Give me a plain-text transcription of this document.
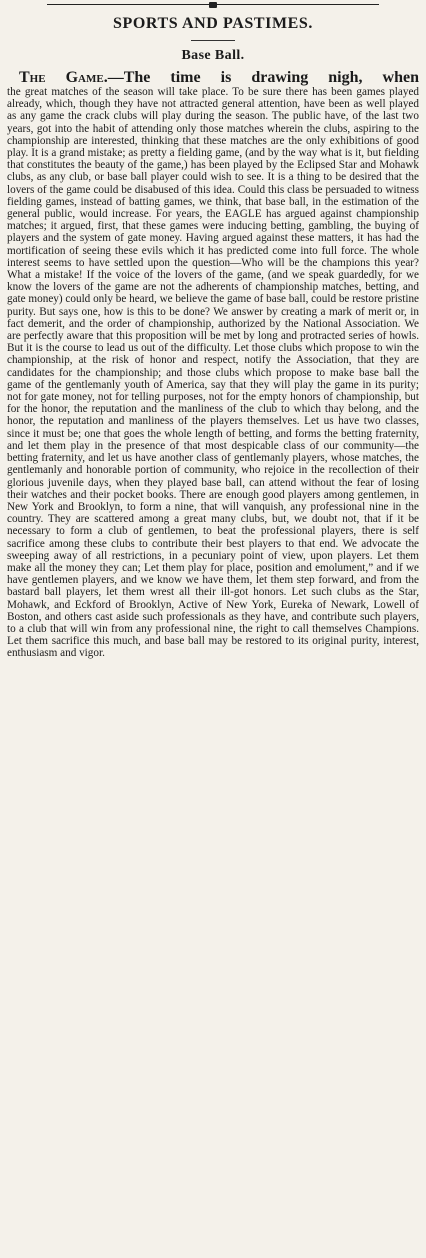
SPORTS AND PASTIMES.
Base Ball.
The Game.—The time is drawing nigh, when
the great matches of the season will take place. To be sure there has been games played already, which, though they have not attracted general attention, have been as well played as any game the crack clubs will play during the season. The public have, of the last two years, got into the habit of attending only those matches wherein the clubs, aspiring to the championship are interested, thinking that these matches are the only exhibitions of good play. It is a grand mistake; as pretty a fielding game, (and by the way what is it, but fielding that constitutes the beauty of the game,) has been played by the Eclipsed Star and Mohawk clubs, as any club, or base ball player could wish to see. It is a thing to be desired that the lovers of the game could be disabused of this idea. Could this class be persuaded to witness fielding games, instead of batting games, we think, that base ball, in the estimation of the general public, would increase. For years, the EAGLE has argued against championship matches; it argued, first, that these games were inducing betting, gambling, the buying of players and the system of gate money. Having argued against these matters, it has had the mortification of seeing these evils which it has predicted come into full force. The whole interest seems to have settled upon the question—Who will be the champions this year? What a mistake! If the voice of the lovers of the game, (and we speak guardedly, for we know the lovers of the game are not the adherents of championship matches, betting, and gate money) could only be heard, we believe the game of base ball, could be restore pristine purity. But says one, how is this to be done? We answer by creating a mark of merit or, in fact demerit, and the order of championship, authorized by the National Association. We are perfectly aware that this proposition will be met by long and protracted series of howls. But it is the course to lead us out of the difficulty. Let those clubs which propose to win the championship, at the risk of honor and respect, notify the Association, that they are candidates for the championship; and those clubs which propose to make base ball the game of the gentlemanly youth of America, say that they will play the game in its purity; not for gate money, not for telling purposes, not for the empty honors of championship, but for the honor, the reputation and the manliness of the club to which thay belong, and the honor, the reputation and manliness of the players themselves. Let us have two classes, since it must be; one that goes the whole length of betting, and forms the betting fraternity, and let them play in the presence of that most despicable class of our community—the betting fraternity, and let us have another class of gentlemanly players, whose matches, the gentlemanly and honorable portion of community, who rejoice in the recollection of their glorious juvenile days, when they played base ball, can attend without the fear of losing their watches and their pocket books. There are enough good players among gentlemen, in New York and Brooklyn, to form a nine, that will vanquish, any professional nine in the country. They are scattered among a great many clubs, but, we doubt not, that if it be necessary to form a club of gentlemen, to beat the professional players, there is self sacrifice among these clubs to contribute their best players to that end. We advocate the sweeping away of all restrictions, in a pecuniary point of view, upon players. Let them make all the money they can; Let them play for place, position and emolument,” and if we have gentlemen players, and we know we have them, let them step forward, and from the bastard ball players, let them wrest all their ill-got honors. Let such clubs as the Star, Mohawk, and Eckford of Brooklyn, Active of New York, Eureka of Newark, Lowell of Boston, and others cast aside such professionals as they have, and contribute such players, to a club that will win from any professional nine, the right to call themselves Champions. Let them sacrifice this much, and base ball may be restored to its original purity, interest, enthusiasm and vigor.
